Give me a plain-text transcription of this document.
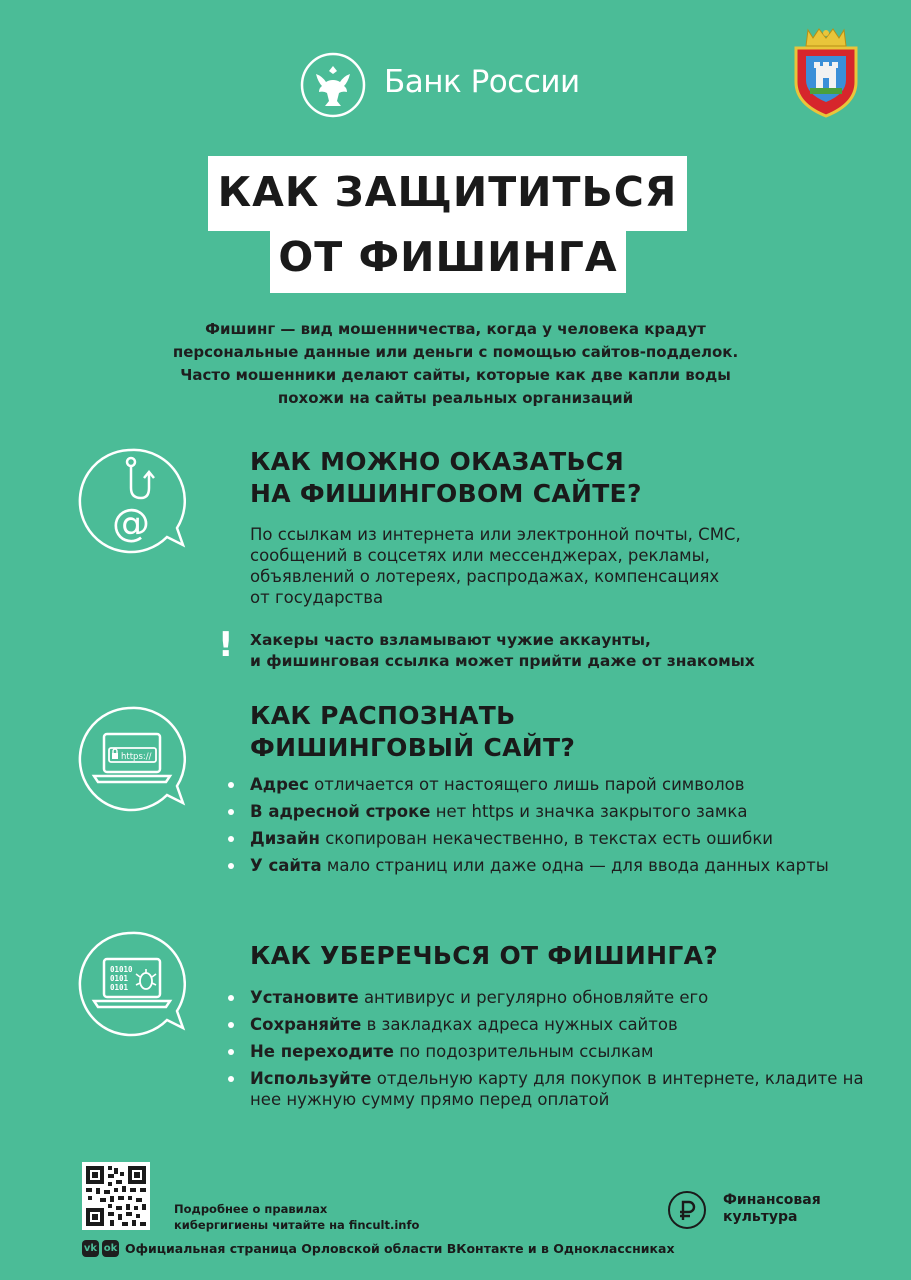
Банк России
КАК ЗАЩИТИТЬСЯ
ОТ ФИШИНГА
Фишинг — вид мошенничества, когда у человека крадут
персональные данные или деньги с помощью сайтов-подделок.
Часто мошенники делают сайты, которые как две капли воды
похожи на сайты реальных организаций
@
КАК МОЖНО ОКАЗАТЬСЯ
НА ФИШИНГОВОМ САЙТЕ?
По ссылкам из интернета или электронной почты, СМС,
сообщений в соцсетях или мессенджерах, рекламы,
объявлений о лотереях, распродажах, компенсациях
от государства
! Хакеры часто взламывают чужие аккаунты,
и фишинговая ссылка может прийти даже от знакомых
https://
КАК РАСПОЗНАТЬ
ФИШИНГОВЫЙ САЙТ?
Адрес отличается от настоящего лишь парой символов
В адресной строке нет https и значка закрытого замка
Дизайн скопирован некачественно, в текстах есть ошибки
У сайта мало страниц или даже одна — для ввода данных карты
01010
0101
0101
КАК УБЕРЕЧЬСЯ ОТ ФИШИНГА?
Установите антивирус и регулярно обновляйте его
Сохраняйте в закладках адреса нужных сайтов
Не переходите по подозрительным ссылкам
Используйте отдельную карту для покупок в интернете, кладите на нее нужную сумму прямо перед оплатой
Подробнее о правилах
кибергигиены читайте на fincult.info
vk ok Официальная страница Орловской области ВКонтакте и в Одноклассниках
Финансовая
культура
